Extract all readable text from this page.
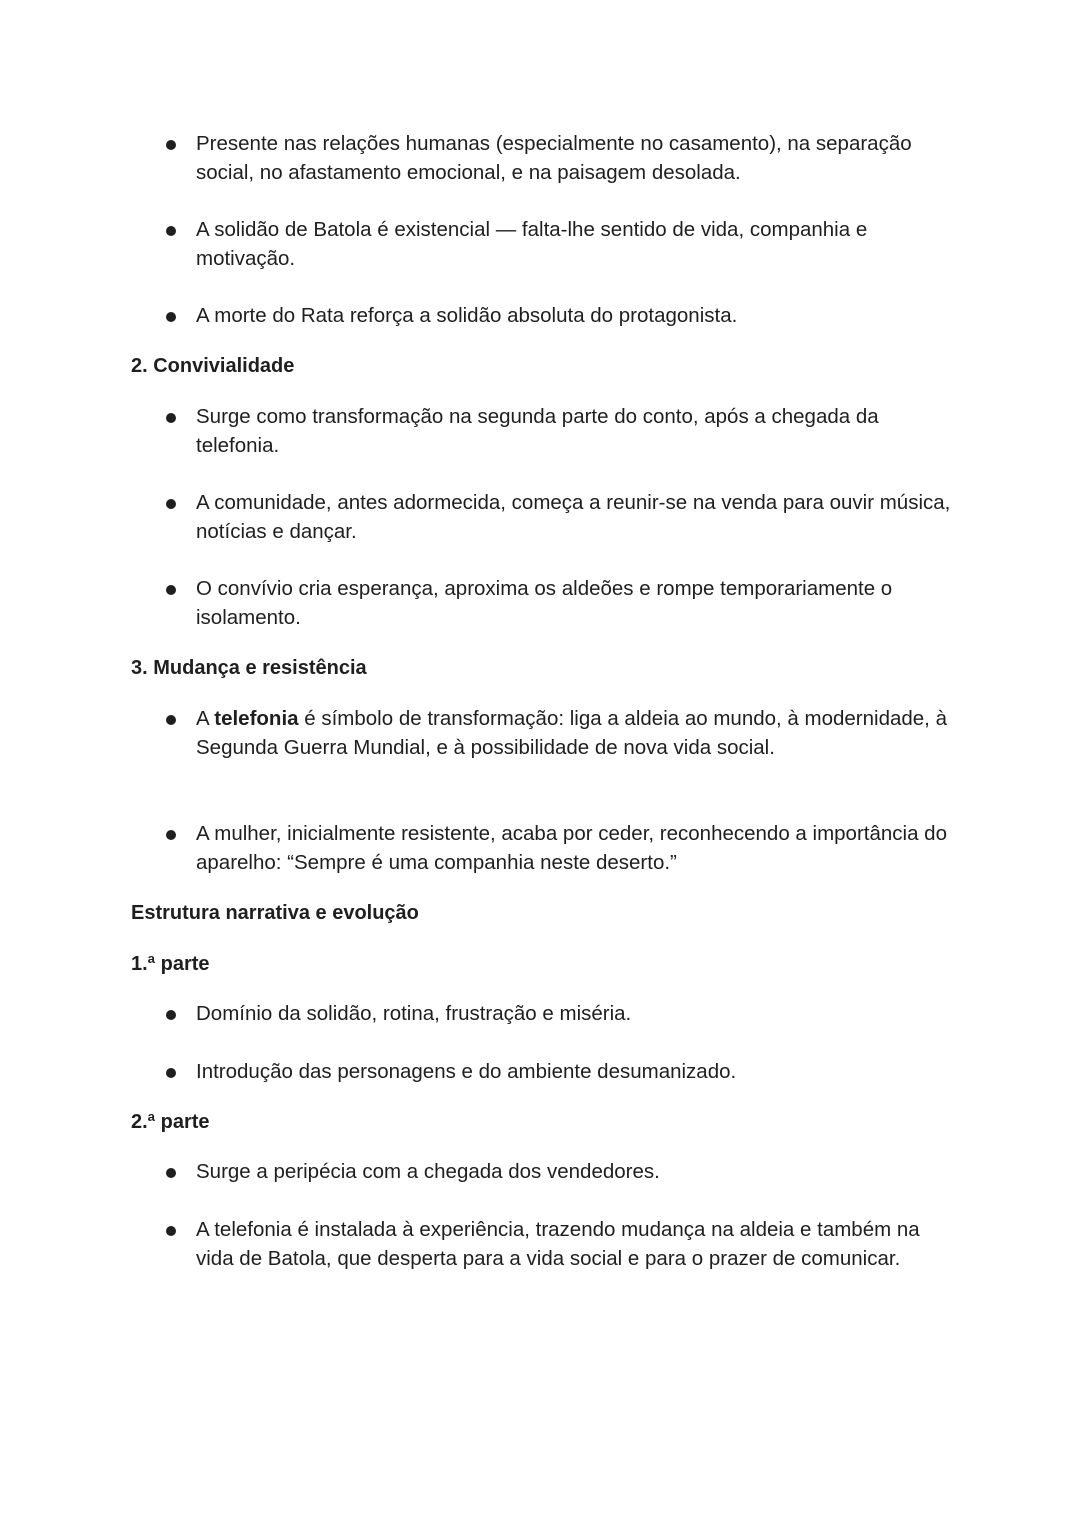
Presente nas relações humanas (especialmente no casamento), na separação social, no afastamento emocional, e na paisagem desolada.
A solidão de Batola é existencial — falta-lhe sentido de vida, companhia e motivação.
A morte do Rata reforça a solidão absoluta do protagonista.
2. Convivialidade
Surge como transformação na segunda parte do conto, após a chegada da telefonia.
A comunidade, antes adormecida, começa a reunir-se na venda para ouvir música, notícias e dançar.
O convívio cria esperança, aproxima os aldeões e rompe temporariamente o isolamento.
3. Mudança e resistência
A telefonia é símbolo de transformação: liga a aldeia ao mundo, à modernidade, à Segunda Guerra Mundial, e à possibilidade de nova vida social.
A mulher, inicialmente resistente, acaba por ceder, reconhecendo a importância do aparelho: “Sempre é uma companhia neste deserto.”
Estrutura narrativa e evolução
1.ª parte
Domínio da solidão, rotina, frustração e miséria.
Introdução das personagens e do ambiente desumanizado.
2.ª parte
Surge a peripécia com a chegada dos vendedores.
A telefonia é instalada à experiência, trazendo mudança na aldeia e também na vida de Batola, que desperta para a vida social e para o prazer de comunicar.
